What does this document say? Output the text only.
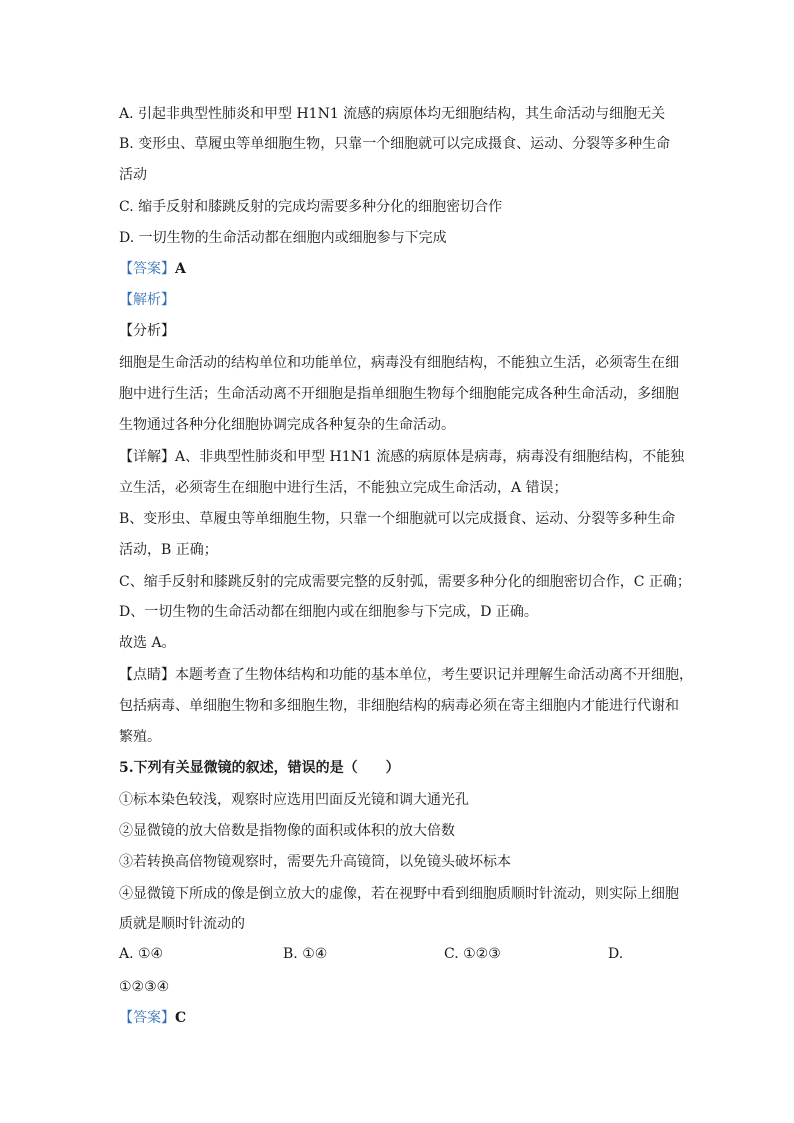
A. 引起非典型性肺炎和甲型 H1N1 流感的病原体均无细胞结构，其生命活动与细胞无关
B. 变形虫、草履虫等单细胞生物，只靠一个细胞就可以完成摄食、运动、分裂等多种生命
活动
C. 缩手反射和膝跳反射的完成均需要多种分化的细胞密切合作
D. 一切生物的生命活动都在细胞内或细胞参与下完成
【答案】A
【解析】
【分析】
细胞是生命活动的结构单位和功能单位，病毒没有细胞结构，不能独立生活，必须寄生在细
胞中进行生活；生命活动离不开细胞是指单细胞生物每个细胞能完成各种生命活动，多细胞
生物通过各种分化细胞协调完成各种复杂的生命活动。
【详解】A、非典型性肺炎和甲型 H1N1 流感的病原体是病毒，病毒没有细胞结构，不能独
立生活，必须寄生在细胞中进行生活，不能独立完成生命活动，A 错误；
B、变形虫、草履虫等单细胞生物，只靠一个细胞就可以完成摄食、运动、分裂等多种生命
活动，B 正确；
C、缩手反射和膝跳反射的完成需要完整的反射弧，需要多种分化的细胞密切合作，C 正确；
D、一切生物的生命活动都在细胞内或在细胞参与下完成，D 正确。
故选 A。
【点睛】本题考查了生物体结构和功能的基本单位，考生要识记并理解生命活动离不开细胞，
包括病毒、单细胞生物和多细胞生物，非细胞结构的病毒必须在寄主细胞内才能进行代谢和
繁殖。
5.下列有关显微镜的叙述，错误的是（　　）
①标本染色较浅，观察时应选用凹面反光镜和调大通光孔
②显微镜的放大倍数是指物像的面积或体积的放大倍数
③若转换高倍物镜观察时，需要先升高镜筒，以免镜头破坏标本
④显微镜下所成的像是倒立放大的虚像，若在视野中看到细胞质顺时针流动，则实际上细胞
质就是顺时针流动的
A. ①④	B. ①④	C. ①②③	D.
①②③④
【答案】C
